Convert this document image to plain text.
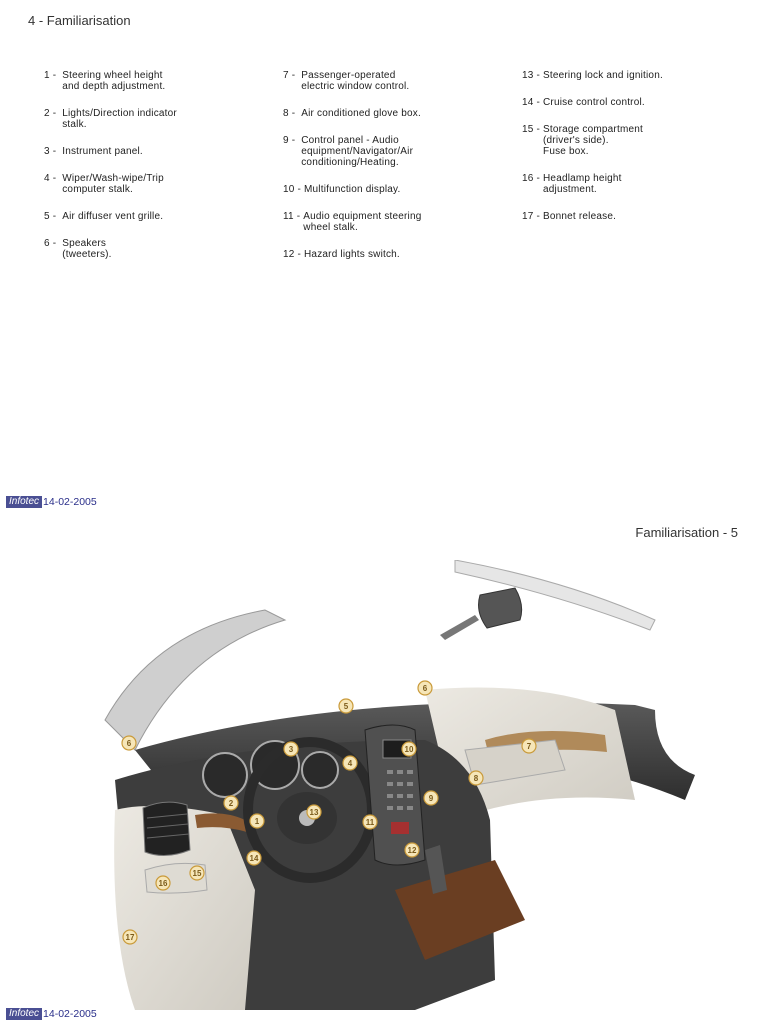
4 - Familiarisation
1 - Steering wheel height
and depth adjustment.
2 - Lights/Direction indicator
stalk.
3 - Instrument panel.
4 - Wiper/Wash-wipe/Trip
computer stalk.
5 - Air diffuser vent grille.
6 - Speakers
(tweeters).
7 - Passenger-operated
electric window control.
8 - Air conditioned glove box.
9 - Control panel - Audio
equipment/Navigator/Air
conditioning/Heating.
10 - Multifunction display.
11 - Audio equipment steering
wheel stalk.
12 - Hazard lights switch.
13 - Steering lock and ignition.
14 - Cruise control control.
15 - Storage compartment
(driver's side).
Fuse box.
16 - Headlamp height
adjustment.
17 - Bonnet release.
Infotec 14-02-2005
Familiarisation - 5
1
2
3
4
5
6
6
7
8
9
10
11
12
13
14
15
16
17
Infotec 14-02-2005
